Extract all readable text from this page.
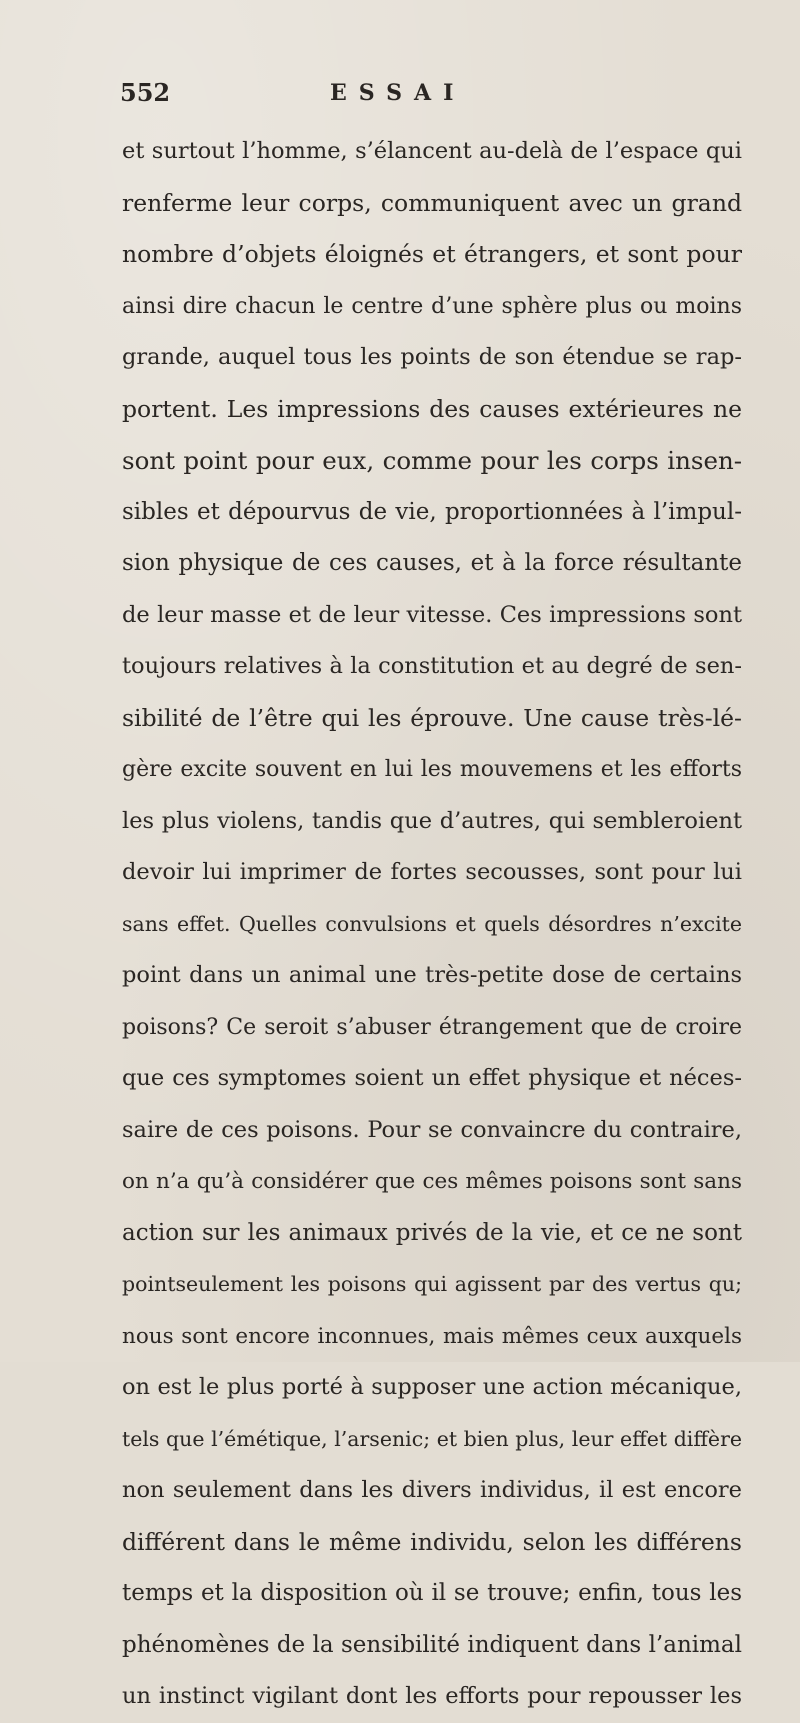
552	ESSAI
et surtout l’homme, s’élancent au-delà de l’espace qui
renferme leur corps, communiquent avec un grand
nombre d’objets éloignés et étrangers, et sont pour
ainsi dire chacun le centre d’une sphère plus ou moins
grande, auquel tous les points de son étendue se rap-
portent. Les impressions des causes extérieures ne
sont point pour eux, comme pour les corps insen-
sibles et dépourvus de vie, proportionnées à l’impul-
sion physique de ces causes, et à la force résultante
de leur masse et de leur vitesse. Ces impressions sont
toujours relatives à la constitution et au degré de sen-
sibilité de l’être qui les éprouve. Une cause très-lé-
gère excite souvent en lui les mouvemens et les efforts
les plus violens, tandis que d’autres, qui sembleroient
devoir lui imprimer de fortes secousses, sont pour lui
sans effet. Quelles convulsions et quels désordres n’excite
point dans un animal une très-petite dose de certains
poisons? Ce seroit s’abuser étrangement que de croire
que ces symptomes soient un effet physique et néces-
saire de ces poisons. Pour se convaincre du contraire,
on n’a qu’à considérer que ces mêmes poisons sont sans
action sur les animaux privés de la vie, et ce ne sont
pointseulement les poisons qui agissent par des vertus qu;
nous sont encore inconnues, mais mêmes ceux auxquels
on est le plus porté à supposer une action mécanique,
tels que l’émétique, l’arsenic; et bien plus, leur effet diffère
non seulement dans les divers individus, il est encore
différent dans le même individu, selon les différens
temps et la disposition où il se trouve; enfin, tous les
phénomènes de la sensibilité indiquent dans l’animal
un instinct vigilant dont les efforts pour repousser les
